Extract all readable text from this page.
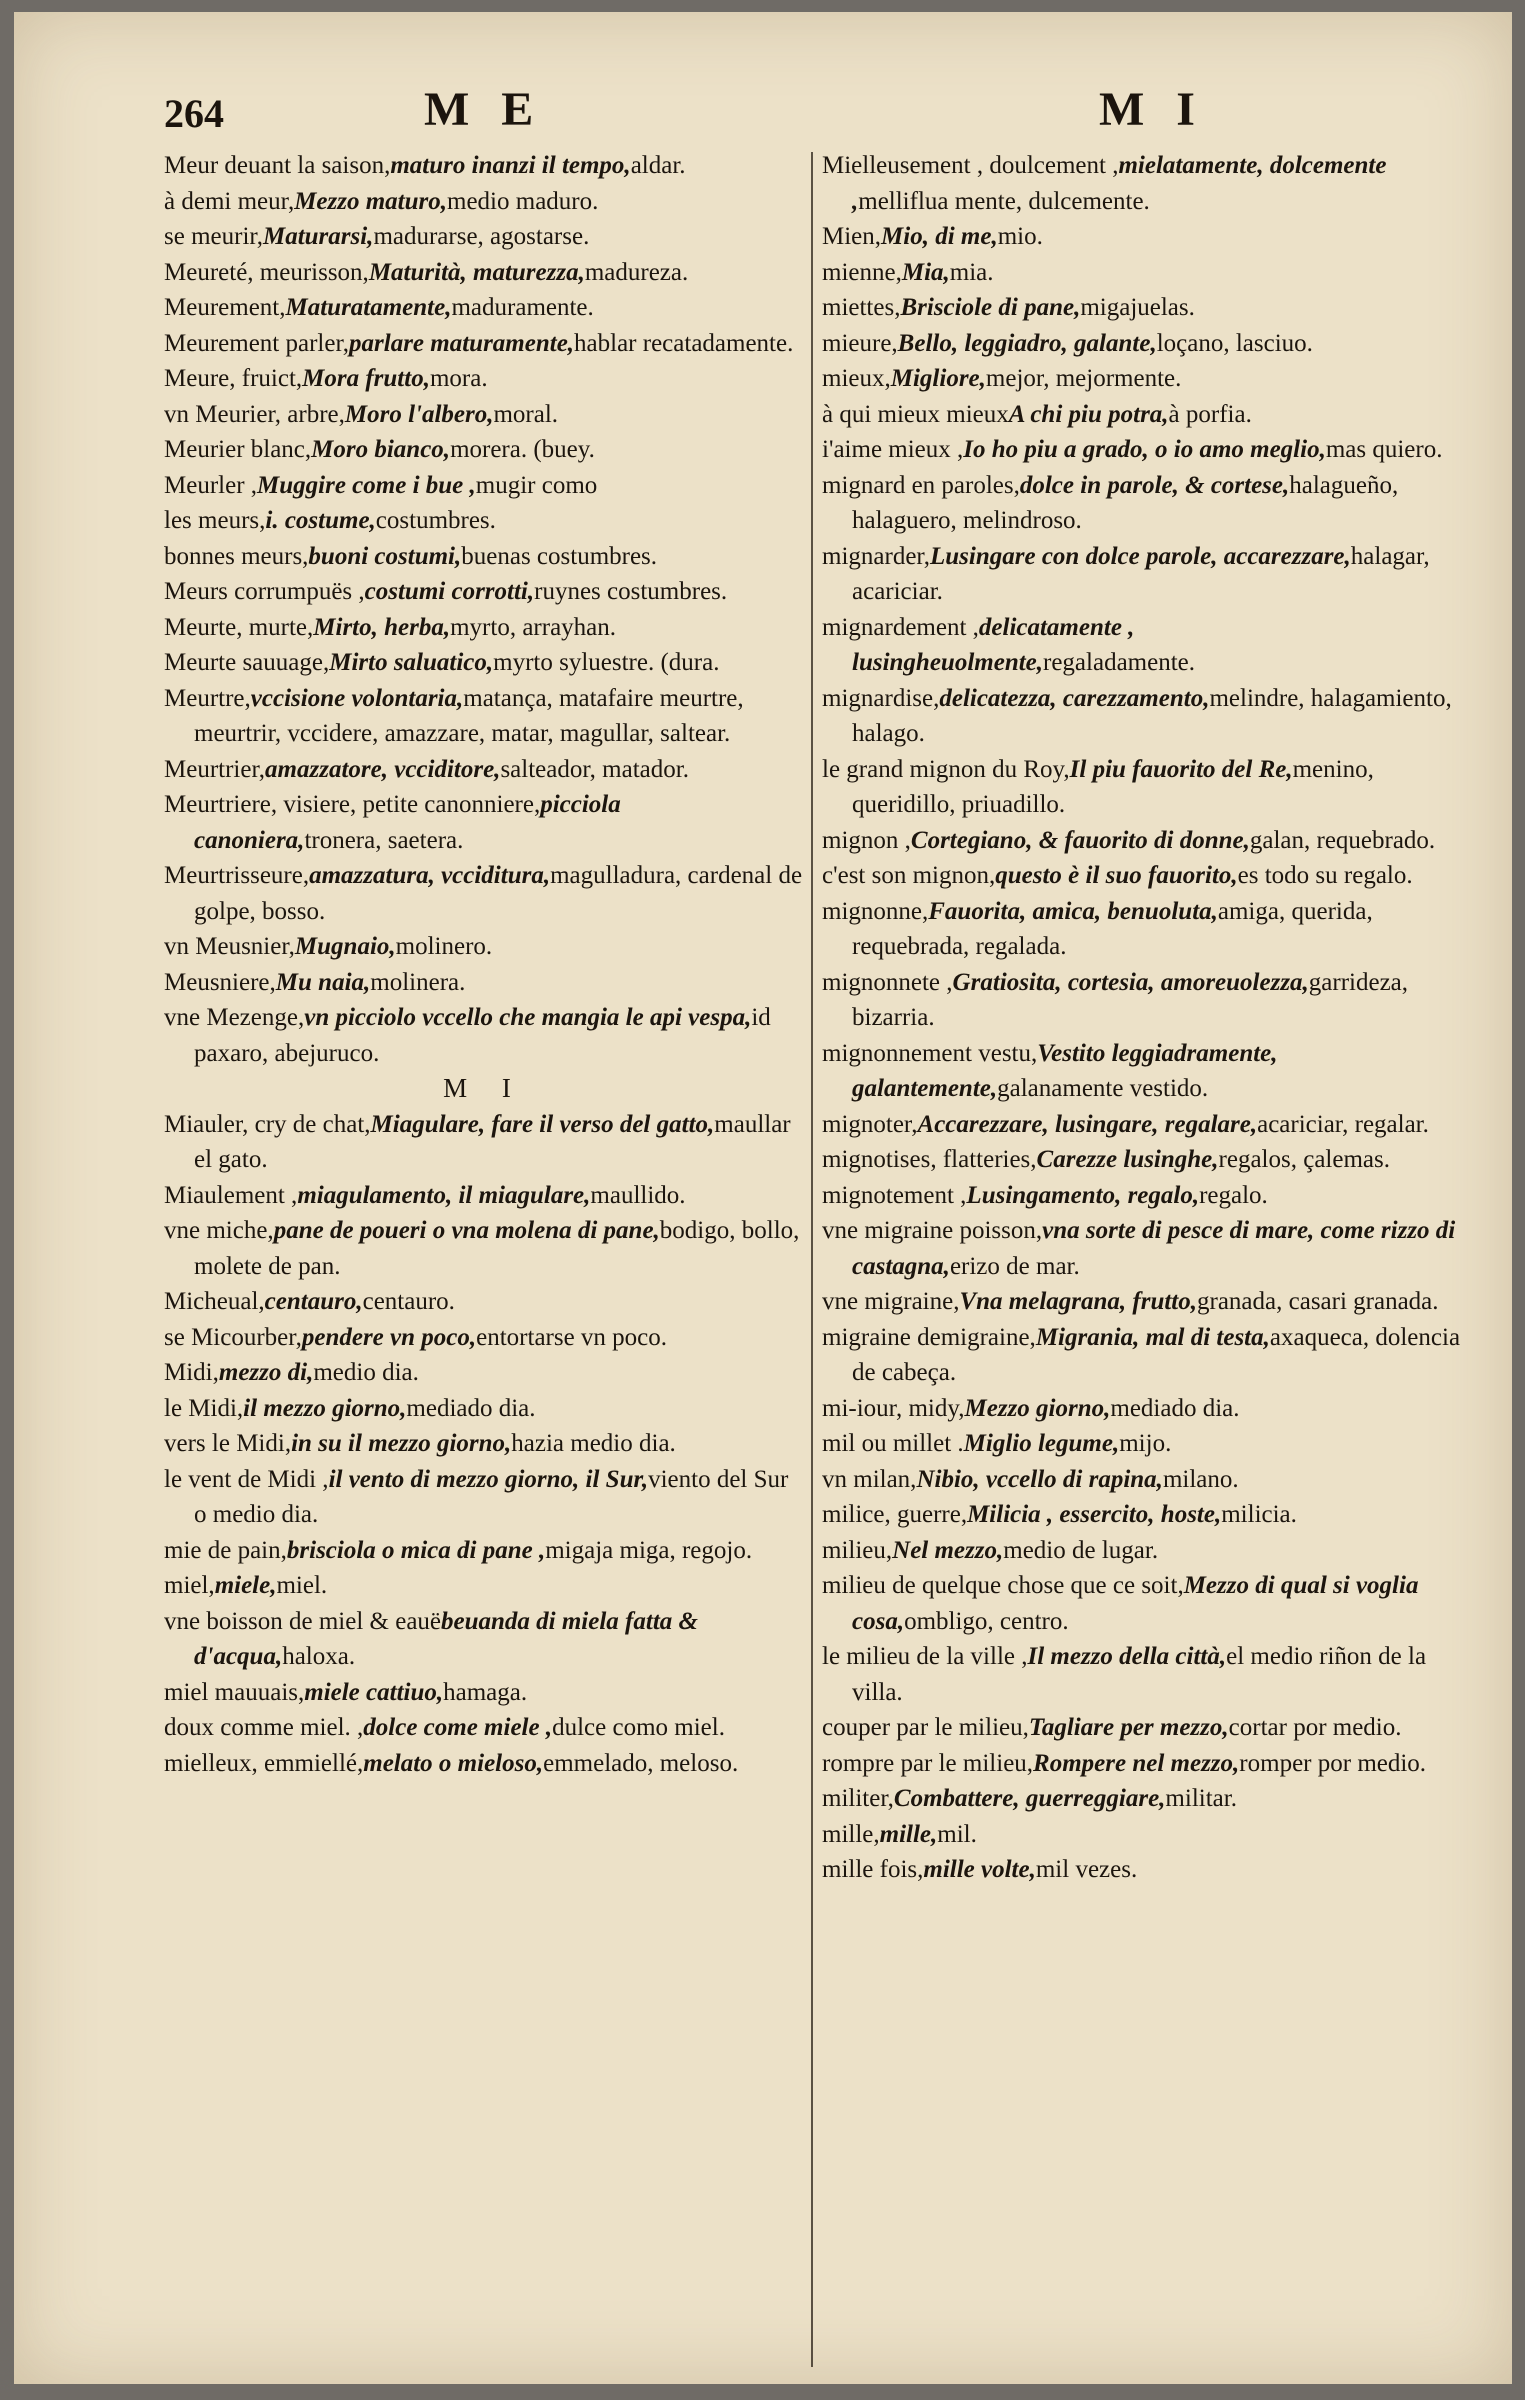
264	M E	M I

Meur deuant la saison,maturo inanzi il tempo,aldar.

à demi meur,Mezzo maturo,medio maduro.

se meurir,Maturarsi,madurarse, agostarse.

Meureté, meurisson,Maturità, maturezza,madureza.

Meurement,Maturatamente,maduramente.

Meurement parler,parlare maturamente,hablar recatadamente.

Meure, fruict,Mora frutto,mora.

vn Meurier, arbre,Moro l'albero,moral.

Meurier blanc,Moro bianco,morera. (buey.

Meurler ,Muggire come i bue ,mugir como

les meurs,i. costume,costumbres.

bonnes meurs,buoni costumi,buenas costumbres.

Meurs corrumpuës ,costumi corrotti,ruynes costumbres.

Meurte, murte,Mirto, herba,myrto, arrayhan.

Meurte sauuage,Mirto saluatico,myrto syluestre. (dura.

Meurtre,vccisione volontaria,matança, matafaire meurtre, meurtrir, vccidere, amazzare, matar, magullar, saltear.

Meurtrier,amazzatore, vcciditore,salteador, matador.

Meurtriere, visiere, petite canonniere,picciola canoniera,tronera, saetera.

Meurtrisseure,amazzatura, vcciditura,magulladura, cardenal de golpe, bosso.

vn Meusnier,Mugnaio,molinero.

Meusniere,Mu naia,molinera.

vne Mezenge,vn picciolo vccello che mangia le api vespa,id paxaro, abejuruco.

M I

Miauler, cry de chat,Miagulare, fare il verso del gatto,maullar el gato.

Miaulement ,miagulamento, il miagulare,maullido.

vne miche,pane de poueri o vna molena di pane,bodigo, bollo, molete de pan.

Micheual,centauro,centauro.

se Micourber,pendere vn poco,entortarse vn poco.

Midi,mezzo di,medio dia.

le Midi,il mezzo giorno,mediado dia.

vers le Midi,in su il mezzo giorno,hazia medio dia.

le vent de Midi ,il vento di mezzo giorno, il Sur,viento del Sur o medio dia.

mie de pain,brisciola o mica di pane ,migaja miga, regojo.

miel,miele,miel.

vne boisson de miel & eauëbeuanda di miela fatta & d'acqua,haloxa.

miel mauuais,miele cattiuo,hamaga.

doux comme miel. ,dolce come miele ,dulce como miel.

mielleux, emmiellé,melato o mieloso,emmelado, meloso.

Mielleusement , doulcement ,mielatamente, dolcemente ,melliflua mente, dulcemente.

Mien,Mio, di me,mio.

mienne,Mia,mia.

miettes,Brisciole di pane,migajuelas.

mieure,Bello, leggiadro, galante,loçano, lasciuo.

mieux,Migliore,mejor, mejormente.

à qui mieux mieuxA chi piu potra,à porfia.

i'aime mieux ,Io ho piu a grado, o io amo meglio,mas quiero.

mignard en paroles,dolce in parole, & cortese,halagueño, halaguero, melindroso.

mignarder,Lusingare con dolce parole, accarezzare,halagar, acariciar.

mignardement ,delicatamente , lusingheuolmente,regaladamente.

mignardise,delicatezza, carezzamento,melindre, halagamiento, halago.

le grand mignon du Roy,Il piu fauorito del Re,menino, queridillo, priuadillo.

mignon ,Cortegiano, & fauorito di donne,galan, requebrado.

c'est son mignon,questo è il suo fauorito,es todo su regalo.

mignonne,Fauorita, amica, benuoluta,amiga, querida, requebrada, regalada.

mignonnete ,Gratiosita, cortesia, amoreuolezza,garrideza, bizarria.

mignonnement vestu,Vestito leggiadramente, galantemente,galanamente vestido.

mignoter,Accarezzare, lusingare, regalare,acariciar, regalar.

mignotises, flatteries,Carezze lusinghe,regalos, çalemas.

mignotement ,Lusingamento, regalo,regalo.

vne migraine poisson,vna sorte di pesce di mare, come rizzo di castagna,erizo de mar.

vne migraine,Vna melagrana, frutto,granada, casari granada.

migraine demigraine,Migrania, mal di testa,axaqueca, dolencia de cabeça.

mi-iour, midy,Mezzo giorno,mediado dia.

mil ou millet .Miglio legume,mijo.

vn milan,Nibio, vccello di rapina,milano.

milice, guerre,Milicia , essercito, hoste,milicia.

milieu,Nel mezzo,medio de lugar.

milieu de quelque chose que ce soit,Mezzo di qual si voglia cosa,ombligo, centro.

le milieu de la ville ,Il mezzo della città,el medio riñon de la villa.

couper par le milieu,Tagliare per mezzo,cortar por medio.

rompre par le milieu,Rompere nel mezzo,romper por medio.

militer,Combattere, guerreggiare,militar.

mille,mille,mil.

mille fois,mille volte,mil vezes.
